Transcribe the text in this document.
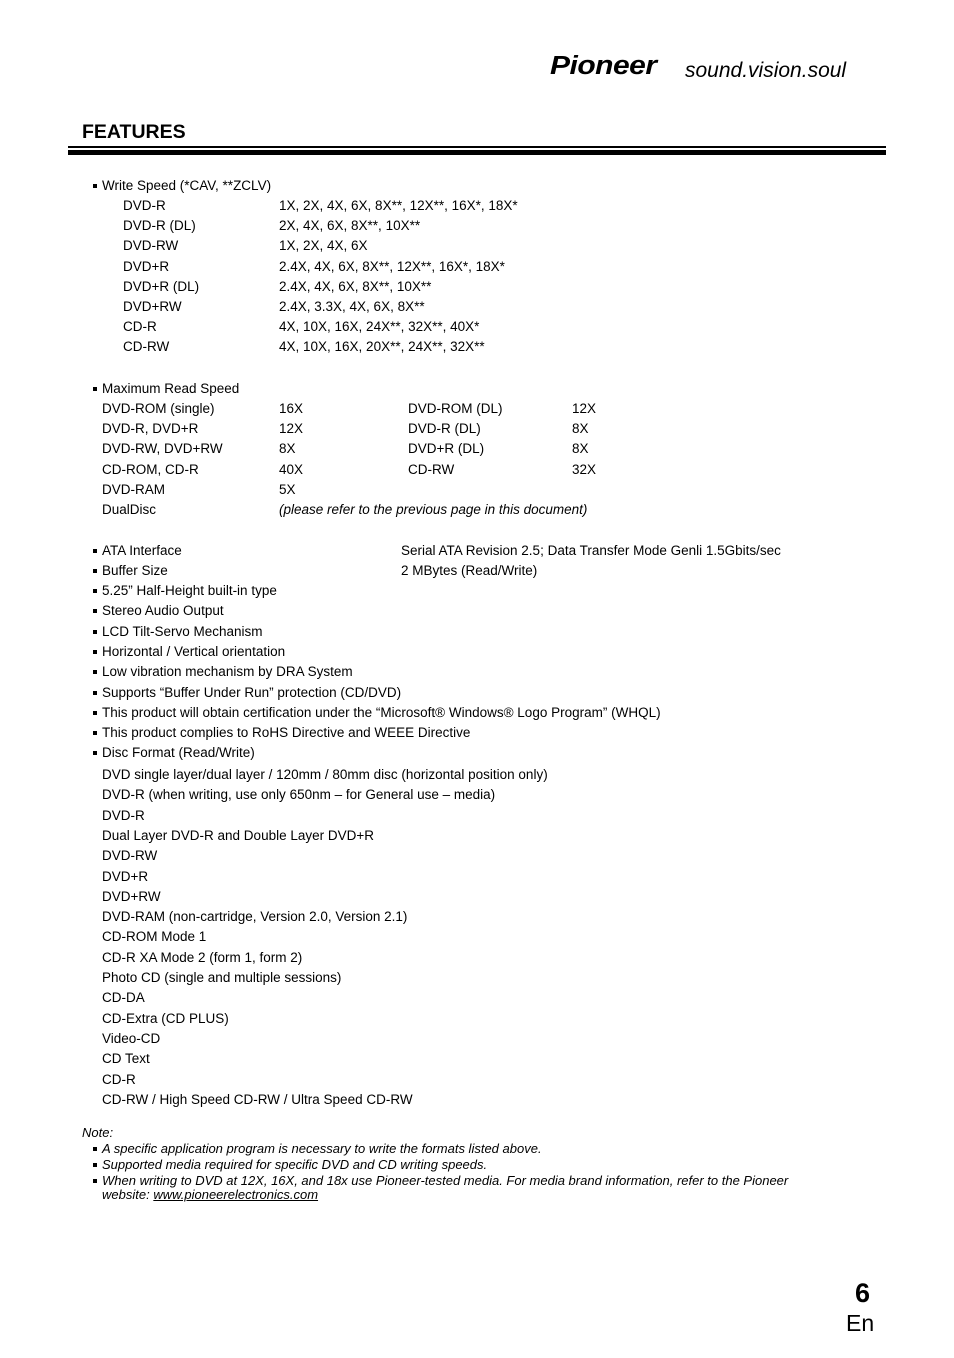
Pioneer sound.vision.soul
FEATURES
Write Speed (*CAV, **ZCLV)
DVD-R	1X, 2X, 4X, 6X, 8X**, 12X**, 16X*, 18X*
DVD-R (DL)	2X, 4X, 6X, 8X**, 10X**
DVD-RW	1X, 2X, 4X, 6X
DVD+R	2.4X, 4X, 6X, 8X**, 12X**, 16X*, 18X*
DVD+R (DL)	2.4X, 4X, 6X, 8X**, 10X**
DVD+RW	2.4X, 3.3X, 4X, 6X, 8X**
CD-R	4X, 10X, 16X, 24X**, 32X**, 40X*
CD-RW	4X, 10X, 16X, 20X**, 24X**, 32X**
Maximum Read Speed
DVD-ROM (single)	16X	DVD-ROM (DL)	12X
DVD-R, DVD+R	12X	DVD-R (DL)	8X
DVD-RW, DVD+RW	8X	DVD+R (DL)	8X
CD-ROM, CD-R	40X	CD-RW	32X
DVD-RAM	5X
DualDisc	(please refer to the previous page in this document)
ATA Interface	Serial ATA Revision 2.5; Data Transfer Mode Genli 1.5Gbits/sec
Buffer Size	2 MBytes (Read/Write)
5.25” Half-Height built-in type
Stereo Audio Output
LCD Tilt-Servo Mechanism
Horizontal / Vertical orientation
Low vibration mechanism by DRA System
Supports “Buffer Under Run” protection (CD/DVD)
This product will obtain certification under the “Microsoft® Windows® Logo Program” (WHQL)
This product complies to RoHS Directive and WEEE Directive
Disc Format (Read/Write)
DVD single layer/dual layer / 120mm / 80mm disc (horizontal position only)
DVD-R (when writing, use only 650nm – for General use – media)
DVD-R
Dual Layer DVD-R and Double Layer DVD+R
DVD-RW
DVD+R
DVD+RW
DVD-RAM (non-cartridge, Version 2.0, Version 2.1)
CD-ROM Mode 1
CD-R XA Mode 2 (form 1, form 2)
Photo CD (single and multiple sessions)
CD-DA
CD-Extra (CD PLUS)
Video-CD
CD Text
CD-R
CD-RW / High Speed CD-RW / Ultra Speed CD-RW
Note:
A specific application program is necessary to write the formats listed above.
Supported media required for specific DVD and CD writing speeds.
When writing to DVD at 12X, 16X, and 18x use Pioneer-tested media. For media brand information, refer to the Pioneer
website: www.pioneerelectronics.com
6
En
